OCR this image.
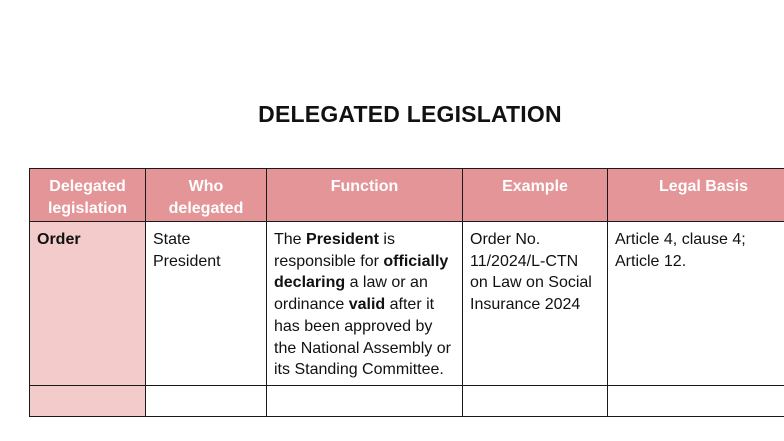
DELEGATED LEGISLATION
Delegated legislation	Who delegated	Function	Example	Legal Basis
Order	State President	The President is responsible for officially declaring a law or an ordinance valid after it has been approved by the National Assembly or its Standing Committee.	Order No. 11/2024/L-CTN on Law on Social Insurance 2024	Article 4, clause 4; Article 12.
